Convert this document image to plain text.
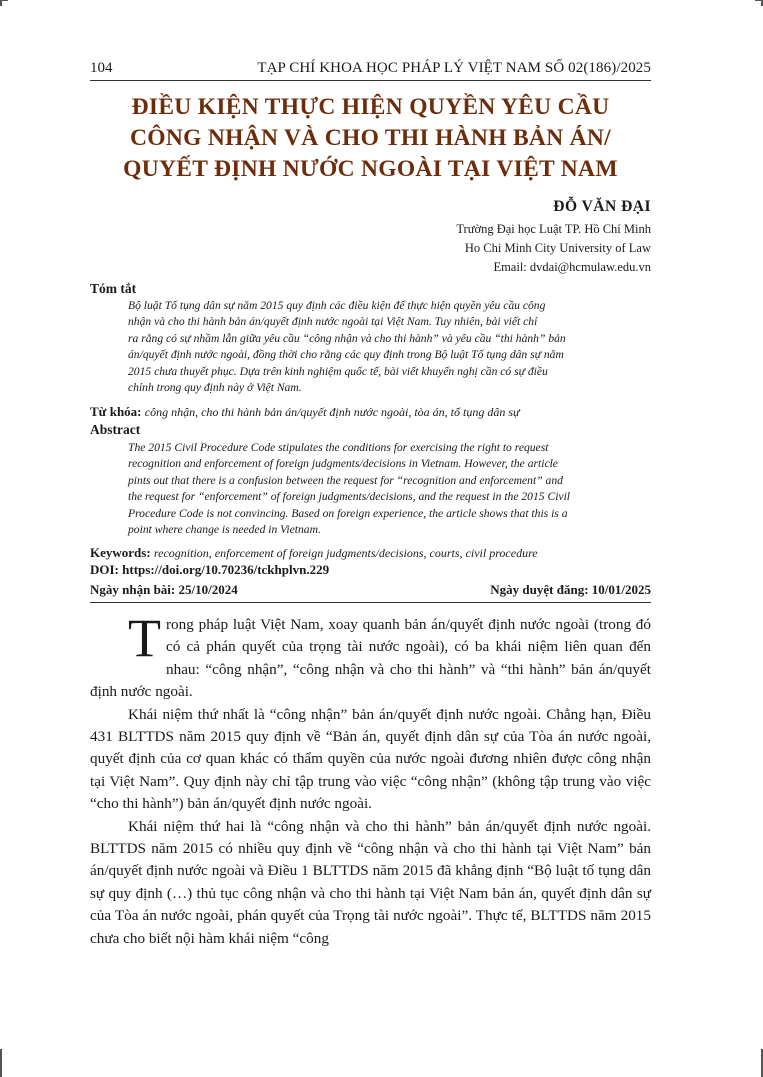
104	TẠP CHÍ KHOA HỌC PHÁP LÝ VIỆT NAM SỐ 02(186)/2025
ĐIỀU KIỆN THỰC HIỆN QUYỀN YÊU CẦU
CÔNG NHẬN VÀ CHO THI HÀNH BẢN ÁN/
QUYẾT ĐỊNH NƯỚC NGOÀI TẠI VIỆT NAM
ĐỖ VĂN ĐẠI
Trường Đại học Luật TP. Hồ Chí Minh
Ho Chi Minh City University of Law
Email: dvdai@hcmulaw.edu.vn
Tóm tắt
Bộ luật Tố tụng dân sự năm 2015 quy định các điều kiện để thực hiện quyền yêu cầu công
nhận và cho thi hành bản án/quyết định nước ngoài tại Việt Nam. Tuy nhiên, bài viết chỉ
ra rằng có sự nhầm lẫn giữa yêu cầu “công nhận và cho thi hành” và yêu cầu “thi hành” bản
án/quyết định nước ngoài, đồng thời cho rằng các quy định trong Bộ luật Tố tụng dân sự năm
2015 chưa thuyết phục. Dựa trên kinh nghiệm quốc tế, bài viết khuyến nghị cần có sự điều
chỉnh trong quy định này ở Việt Nam.
Từ khóa: công nhận, cho thi hành bản án/quyết định nước ngoài, tòa án, tố tụng dân sự
Abstract
The 2015 Civil Procedure Code stipulates the conditions for exercising the right to request
recognition and enforcement of foreign judgments/decisions in Vietnam. However, the article
pints out that there is a confusion between the request for “recognition and enforcement” and
the request for “enforcement” of foreign judgments/decisions, and the request in the 2015 Civil
Procedure Code is not convincing. Based on foreign experience, the article shows that this is a
point where change is needed in Vietnam.
Keywords: recognition, enforcement of foreign judgments/decisions, courts, civil procedure
DOI: https://doi.org/10.70236/tckhplvn.229
Ngày nhận bài: 25/10/2024	Ngày duyệt đăng: 10/01/2025

Trong pháp luật Việt Nam, xoay quanh bản án/quyết định nước ngoài (trong đó có cả phán quyết của trọng tài nước ngoài), có ba khái niệm liên quan đến nhau: “công nhận”, “công nhận và cho thi hành” và “thi hành” bản án/quyết định nước ngoài.

Khái niệm thứ nhất là “công nhận” bản án/quyết định nước ngoài. Chẳng hạn, Điều 431 BLTTDS năm 2015 quy định về “Bản án, quyết định dân sự của Tòa án nước ngoài, quyết định của cơ quan khác có thẩm quyền của nước ngoài đương nhiên được công nhận tại Việt Nam”. Quy định này chỉ tập trung vào việc “công nhận” (không tập trung vào việc “cho thi hành”) bản án/quyết định nước ngoài.

Khái niệm thứ hai là “công nhận và cho thi hành” bản án/quyết định nước ngoài. BLTTDS năm 2015 có nhiều quy định về “công nhận và cho thi hành tại Việt Nam” bản án/quyết định nước ngoài và Điều 1 BLTTDS năm 2015 đã khẳng định “Bộ luật tố tụng dân sự quy định (…) thủ tục công nhận và cho thi hành tại Việt Nam bản án, quyết định dân sự của Tòa án nước ngoài, phán quyết của Trọng tài nước ngoài”. Thực tế, BLTTDS năm 2015 chưa cho biết nội hàm khái niệm “công
